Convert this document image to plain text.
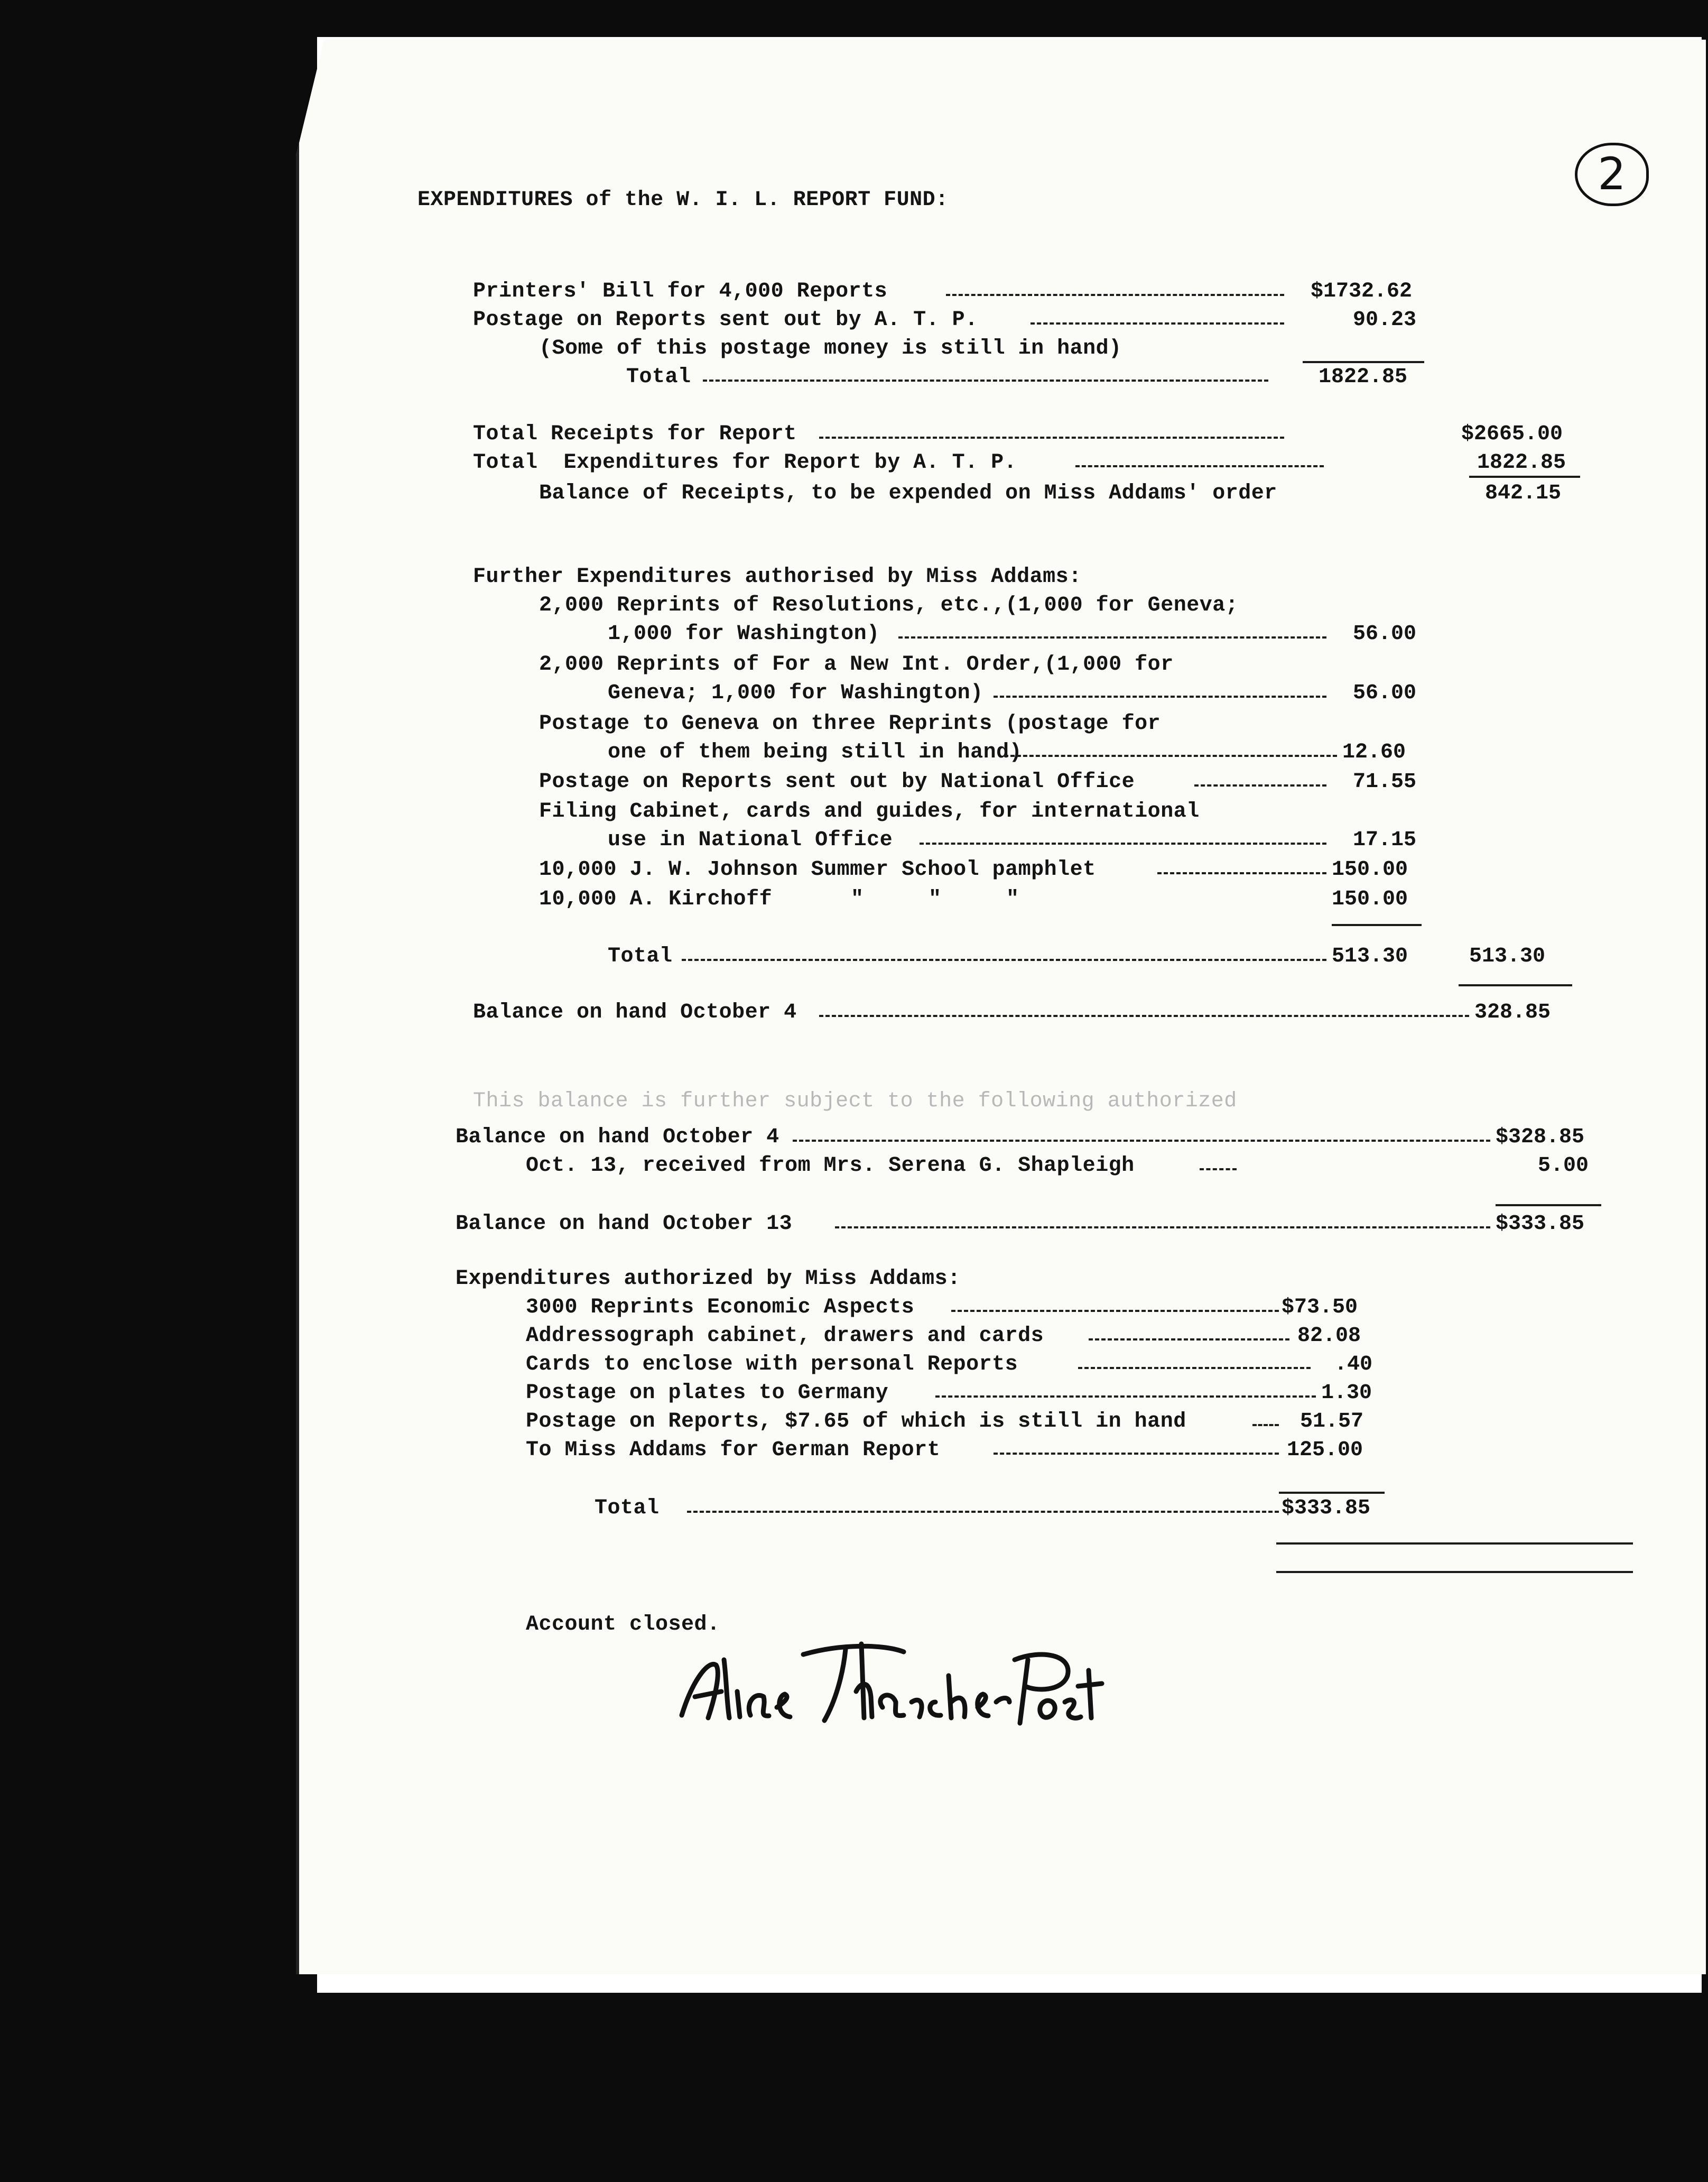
2
EXPENDITURES of the W. I. L. REPORT FUND:
Printers' Bill for 4,000 Reports	$1732.62
Postage on Reports sent out by A. T. P.	90.23
(Some of this postage money is still in hand)
Total	1822.85
Total Receipts for Report	$2665.00
Total  Expenditures for Report by A. T. P.	1822.85
Balance of Receipts, to be expended on Miss Addams' order	842.15
Further Expenditures authorised by Miss Addams:
2,000 Reprints of Resolutions, etc.,(1,000 for Geneva;
1,000 for Washington)	56.00
2,000 Reprints of For a New Int. Order,(1,000 for
Geneva; 1,000 for Washington)	56.00
Postage to Geneva on three Reprints (postage for
one of them being still in hand)	12.60
Postage on Reports sent out by National Office	71.55
Filing Cabinet, cards and guides, for international
use in National Office	17.15
10,000 J. W. Johnson Summer School pamphlet	150.00
10,000 A. Kirchoff	"     "     "	150.00
Total	513.30	513.30
Balance on hand October 4	328.85
This balance is further subject to the following authorized
Balance on hand October 4	$328.85
Oct. 13, received from Mrs. Serena G. Shapleigh	5.00
Balance on hand October 13	$333.85
Expenditures authorized by Miss Addams:
3000 Reprints Economic Aspects	$73.50
Addressograph cabinet, drawers and cards	82.08
Cards to enclose with personal Reports	.40
Postage on plates to Germany	1.30
Postage on Reports, $7.65 of which is still in hand	51.57
To Miss Addams for German Report	125.00
Total	$333.85
Account closed.
